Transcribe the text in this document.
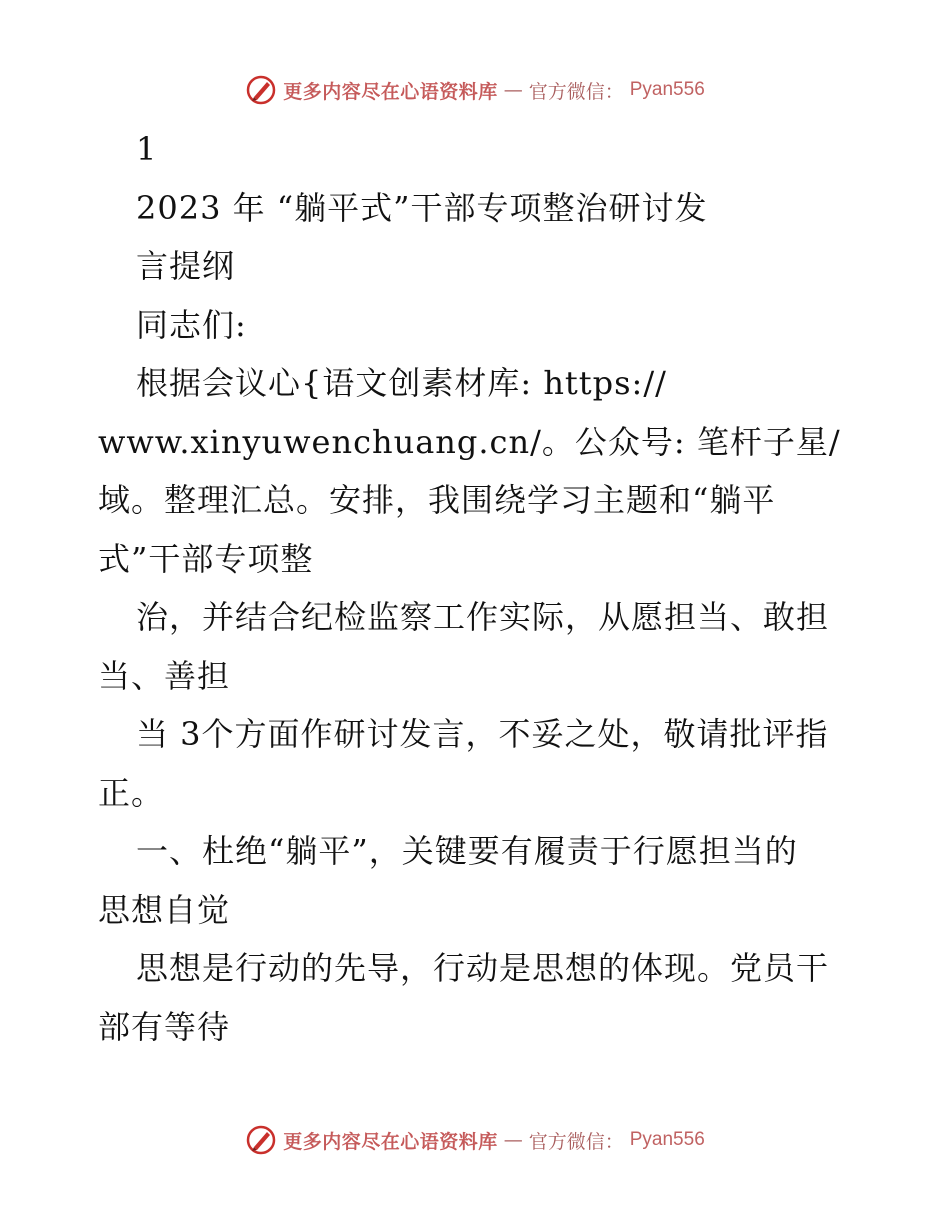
更多内容尽在心语资料库 — 官方微信： Pyan556
1
2023 年 “躺平式”干部专项整治研讨发
言提纲
同志们:
根据会议心{语文创素材库: https://
www.xinyuwenchuang.cn/。公众号: 笔杆子星/
域。整理汇总。安排，我围绕学习主题和“躺平
式”干部专项整
治，并结合纪检监察工作实际，从愿担当、敢担
当、善担
当 3个方面作研讨发言，不妥之处，敬请批评指
正。
一、杜绝“躺平”，关键要有履责于行愿担当的
思想自觉
思想是行动的先导，行动是思想的体现。党员干
部有等待
更多内容尽在心语资料库 — 官方微信： Pyan556
